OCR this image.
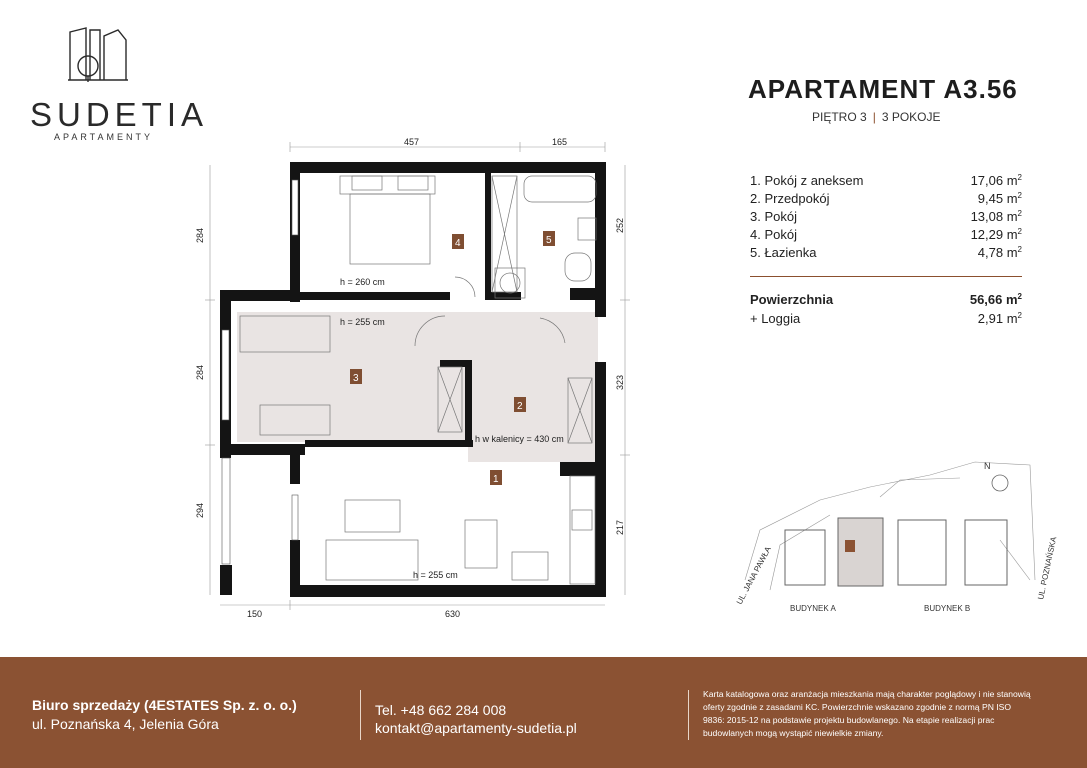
SUDETIA
APARTAMENTY
APARTAMENT A3.56
PIĘTRO 3 | 3 POKOJE
1. Pokój z aneksem	17,06 $m^2$
2. Przedpokój	9,45 $m^2$
3. Pokój	13,08 $m^2$
4. Pokój	12,29 $m^2$
5. Łazienka	4,78 $m^2$
Powierzchnia	56,66 $m^2$
+ Loggia	2,91 $m^2$
457	165
284
284
294
252
323
217
150	630
4	5
3
2
1
h = 260 cm
h = 255 cm
h w kalenicy = 430 cm
h = 255 cm
N
UL. JANA PAWŁA	UL. POZNAŃSKA
BUDYNEK A	BUDYNEK B
Biuro sprzedaży (4ESTATES Sp. z. o. o.)
ul. Poznańska 4, Jelenia Góra
Tel. +48 662 284 008
kontakt@apartamenty-sudetia.pl
Karta katalogowa oraz aranżacja mieszkania mają charakter poglądowy i nie stanowią oferty zgodnie z zasadami KC. Powierzchnie wskazano zgodnie z normą PN ISO 9836: 2015-12 na podstawie projektu budowlanego. Na etapie realizacji prac budowlanych mogą wystąpić niewielkie zmiany.
